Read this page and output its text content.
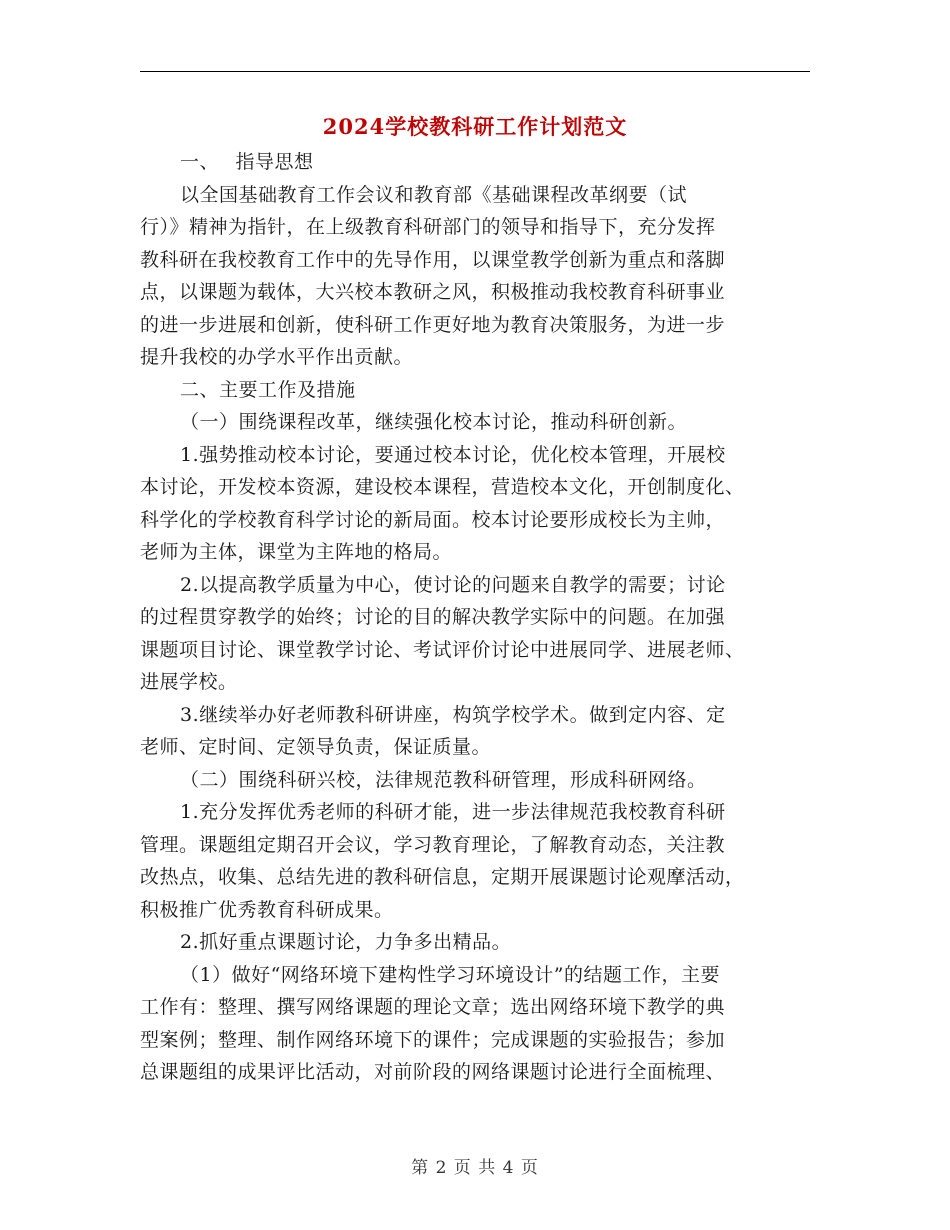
2024学校教科研工作计划范文

一、　 指导思想

以全国基础教育工作会议和教育部《基础课程改革纲要（试
行）》精神为指针，在上级教育科研部门的领导和指导下，充分发挥
教科研在我校教育工作中的先导作用，以课堂教学创新为重点和落脚
点，以课题为载体，大兴校本教研之风，积极推动我校教育科研事业
的进一步进展和创新，使科研工作更好地为教育决策服务，为进一步
提升我校的办学水平作出贡献。

二、主要工作及措施

（一）围绕课程改革，继续强化校本讨论，推动科研创新。

1.强势推动校本讨论，要通过校本讨论，优化校本管理，开展校
本讨论，开发校本资源，建设校本课程，营造校本文化，开创制度化、
科学化的学校教育科学讨论的新局面。校本讨论要形成校长为主帅，
老师为主体，课堂为主阵地的格局。

2.以提高教学质量为中心，使讨论的问题来自教学的需要；讨论
的过程贯穿教学的始终；讨论的目的解决教学实际中的问题。在加强
课题项目讨论、课堂教学讨论、考试评价讨论中进展同学、进展老师、
进展学校。

3.继续举办好老师教科研讲座，构筑学校学术。做到定内容、定
老师、定时间、定领导负责，保证质量。

（二）围绕科研兴校，法律规范教科研管理，形成科研网络。

1.充分发挥优秀老师的科研才能，进一步法律规范我校教育科研
管理。课题组定期召开会议，学习教育理论，了解教育动态，关注教
改热点，收集、总结先进的教科研信息，定期开展课题讨论观摩活动，
积极推广优秀教育科研成果。

2.抓好重点课题讨论，力争多出精品。

（1）做好“网络环境下建构性学习环境设计”的结题工作，主要
工作有：整理、撰写网络课题的理论文章；选出网络环境下教学的典
型案例；整理、制作网络环境下的课件；完成课题的实验报告；参加
总课题组的成果评比活动，对前阶段的网络课题讨论进行全面梳理、

第 2 页 共 4 页
